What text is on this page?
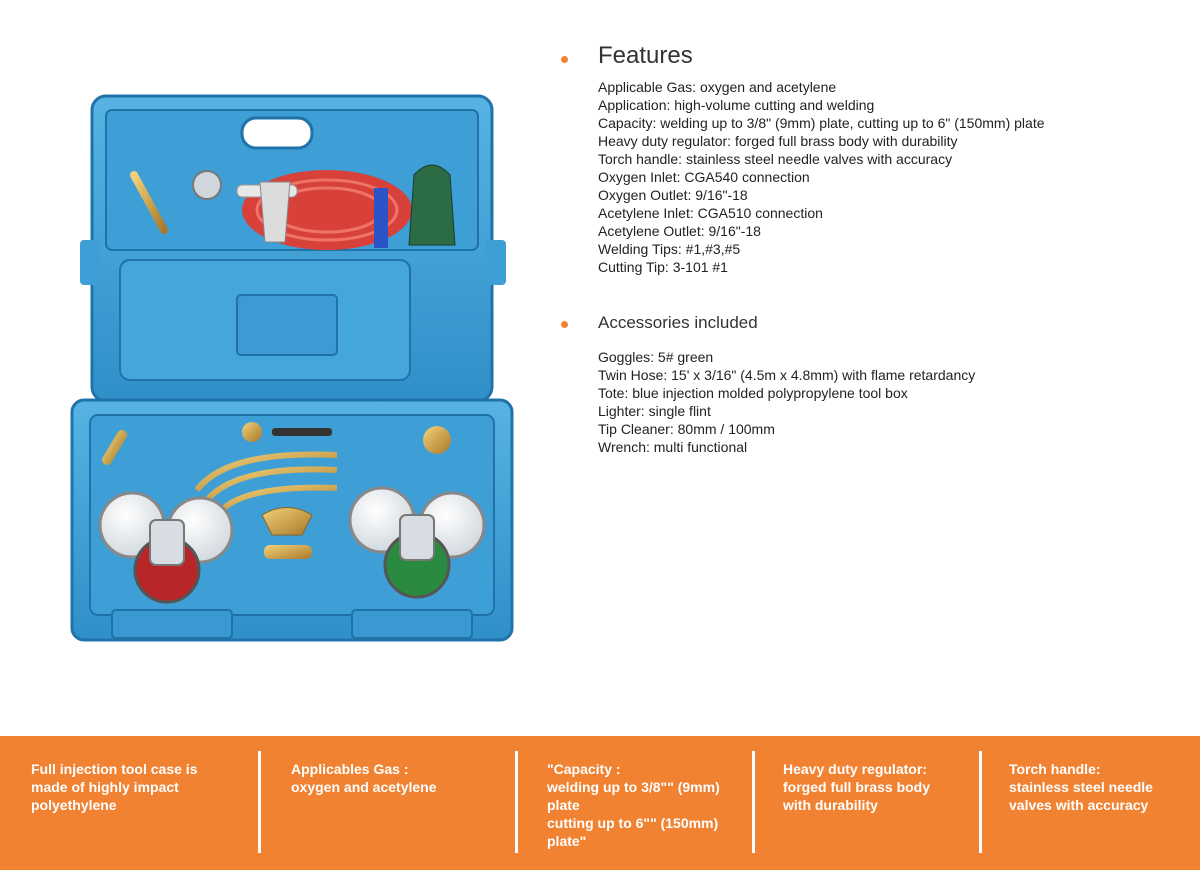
Features
Applicable Gas: oxygen and acetylene
Application: high-volume cutting and welding
Capacity: welding up to 3/8" (9mm) plate, cutting up to 6" (150mm) plate
Heavy duty regulator: forged full brass body with durability
Torch handle: stainless steel needle valves with accuracy
Oxygen Inlet: CGA540 connection
Oxygen Outlet: 9/16"-18
Acetylene Inlet: CGA510 connection
Acetylene Outlet: 9/16"-18
Welding Tips: #1,#3,#5
Cutting Tip: 3-101 #1
Accessories included
Goggles: 5# green
Twin Hose: 15' x 3/16" (4.5m x 4.8mm) with flame retardancy
Tote: blue injection molded polypropylene tool box
Lighter: single flint
Tip Cleaner: 80mm / 100mm
Wrench: multi functional
Full injection tool case is
made of highly impact
polyethylene
Applicables Gas :
oxygen and acetylene
"Capacity :
welding up to 3/8"" (9mm)
plate
cutting up to 6"" (150mm)
plate"
Heavy duty regulator:
forged full brass body
with durability
Torch handle:
stainless steel needle
valves with accuracy
